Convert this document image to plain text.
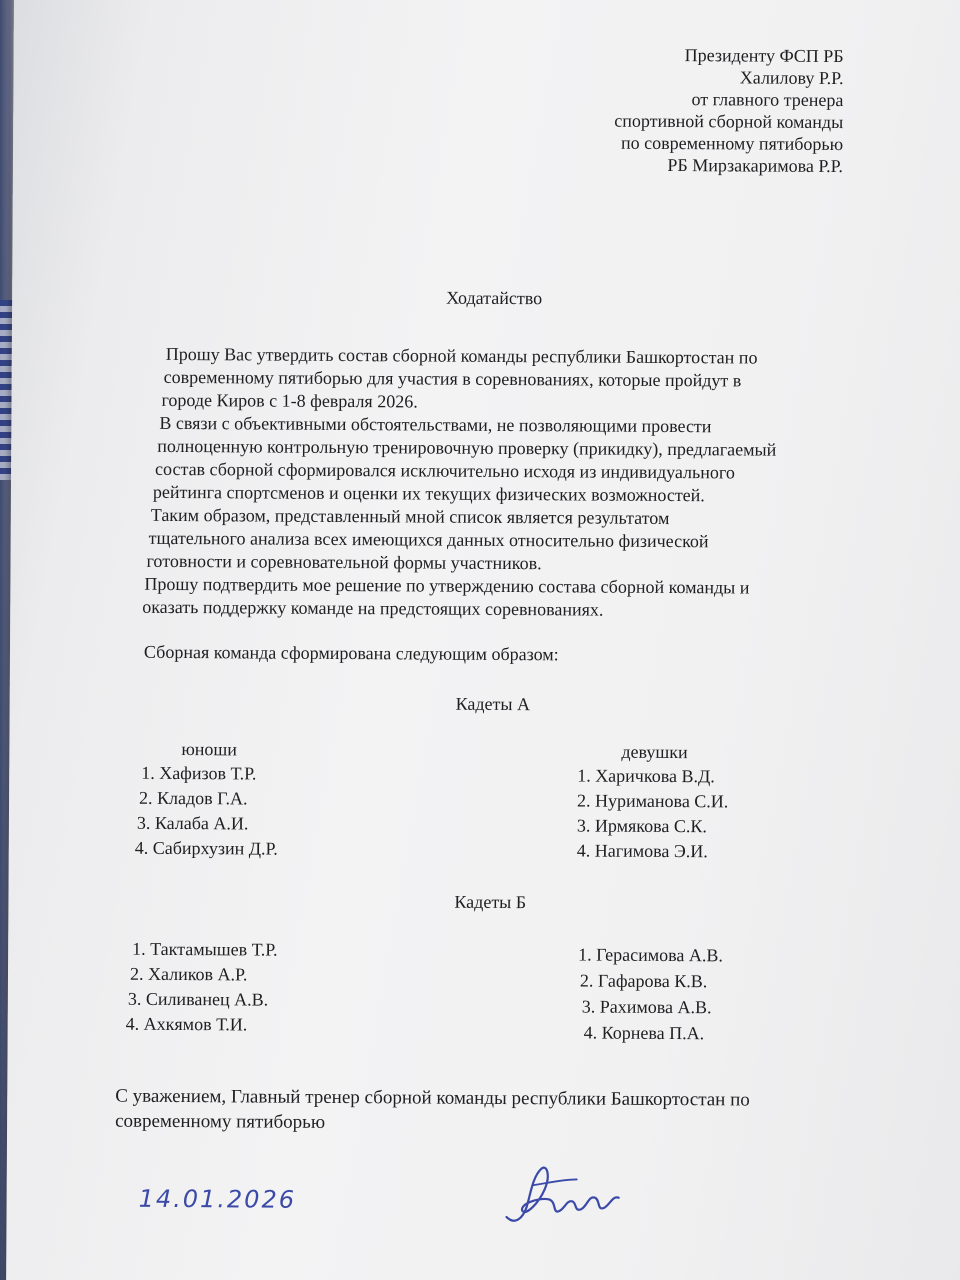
Президенту ФСП РБ
Халилову Р.Р.
от главного тренера
спортивной сборной команды
по современному пятиборью
РБ Мирзакаримова Р.Р.
Ходатайство
Прошу Вас утвердить состав сборной команды республики Башкортостан по
современному пятиборью для участия в соревнованиях, которые пройдут в
городе Киров с 1-8 февраля 2026.
В связи с объективными обстоятельствами, не позволяющими провести
полноценную контрольную тренировочную проверку (прикидку), предлагаемый
состав сборной сформировался исключительно исходя из индивидуального
рейтинга спортсменов и оценки их текущих физических возможностей.
Таким образом, представленный мной список является результатом
тщательного анализа всех имеющихся данных относительно физической
готовности и соревновательной формы участников.
Прошу подтвердить мое решение по утверждению состава сборной команды и
оказать поддержку команде на предстоящих соревнованиях.
Сборная команда сформирована следующим образом:
Кадеты А
юноши	девушки
1. Хафизов Т.Р.
2. Кладов Г.А.
3. Калаба А.И.
4. Сабирхузин Д.Р.
1. Харичкова В.Д.
2. Нуриманова С.И.
3. Ирмякова С.К.
4. Нагимова Э.И.
Кадеты Б
1. Тактамышев Т.Р.
2. Халиков А.Р.
3. Силиванец А.В.
4. Ахкямов Т.И.
1. Герасимова А.В.
2. Гафарова К.В.
3. Рахимова А.В.
4. Корнева П.А.
С уважением, Главный тренер сборной команды республики Башкортостан по
современному пятиборью
14.01.2026
